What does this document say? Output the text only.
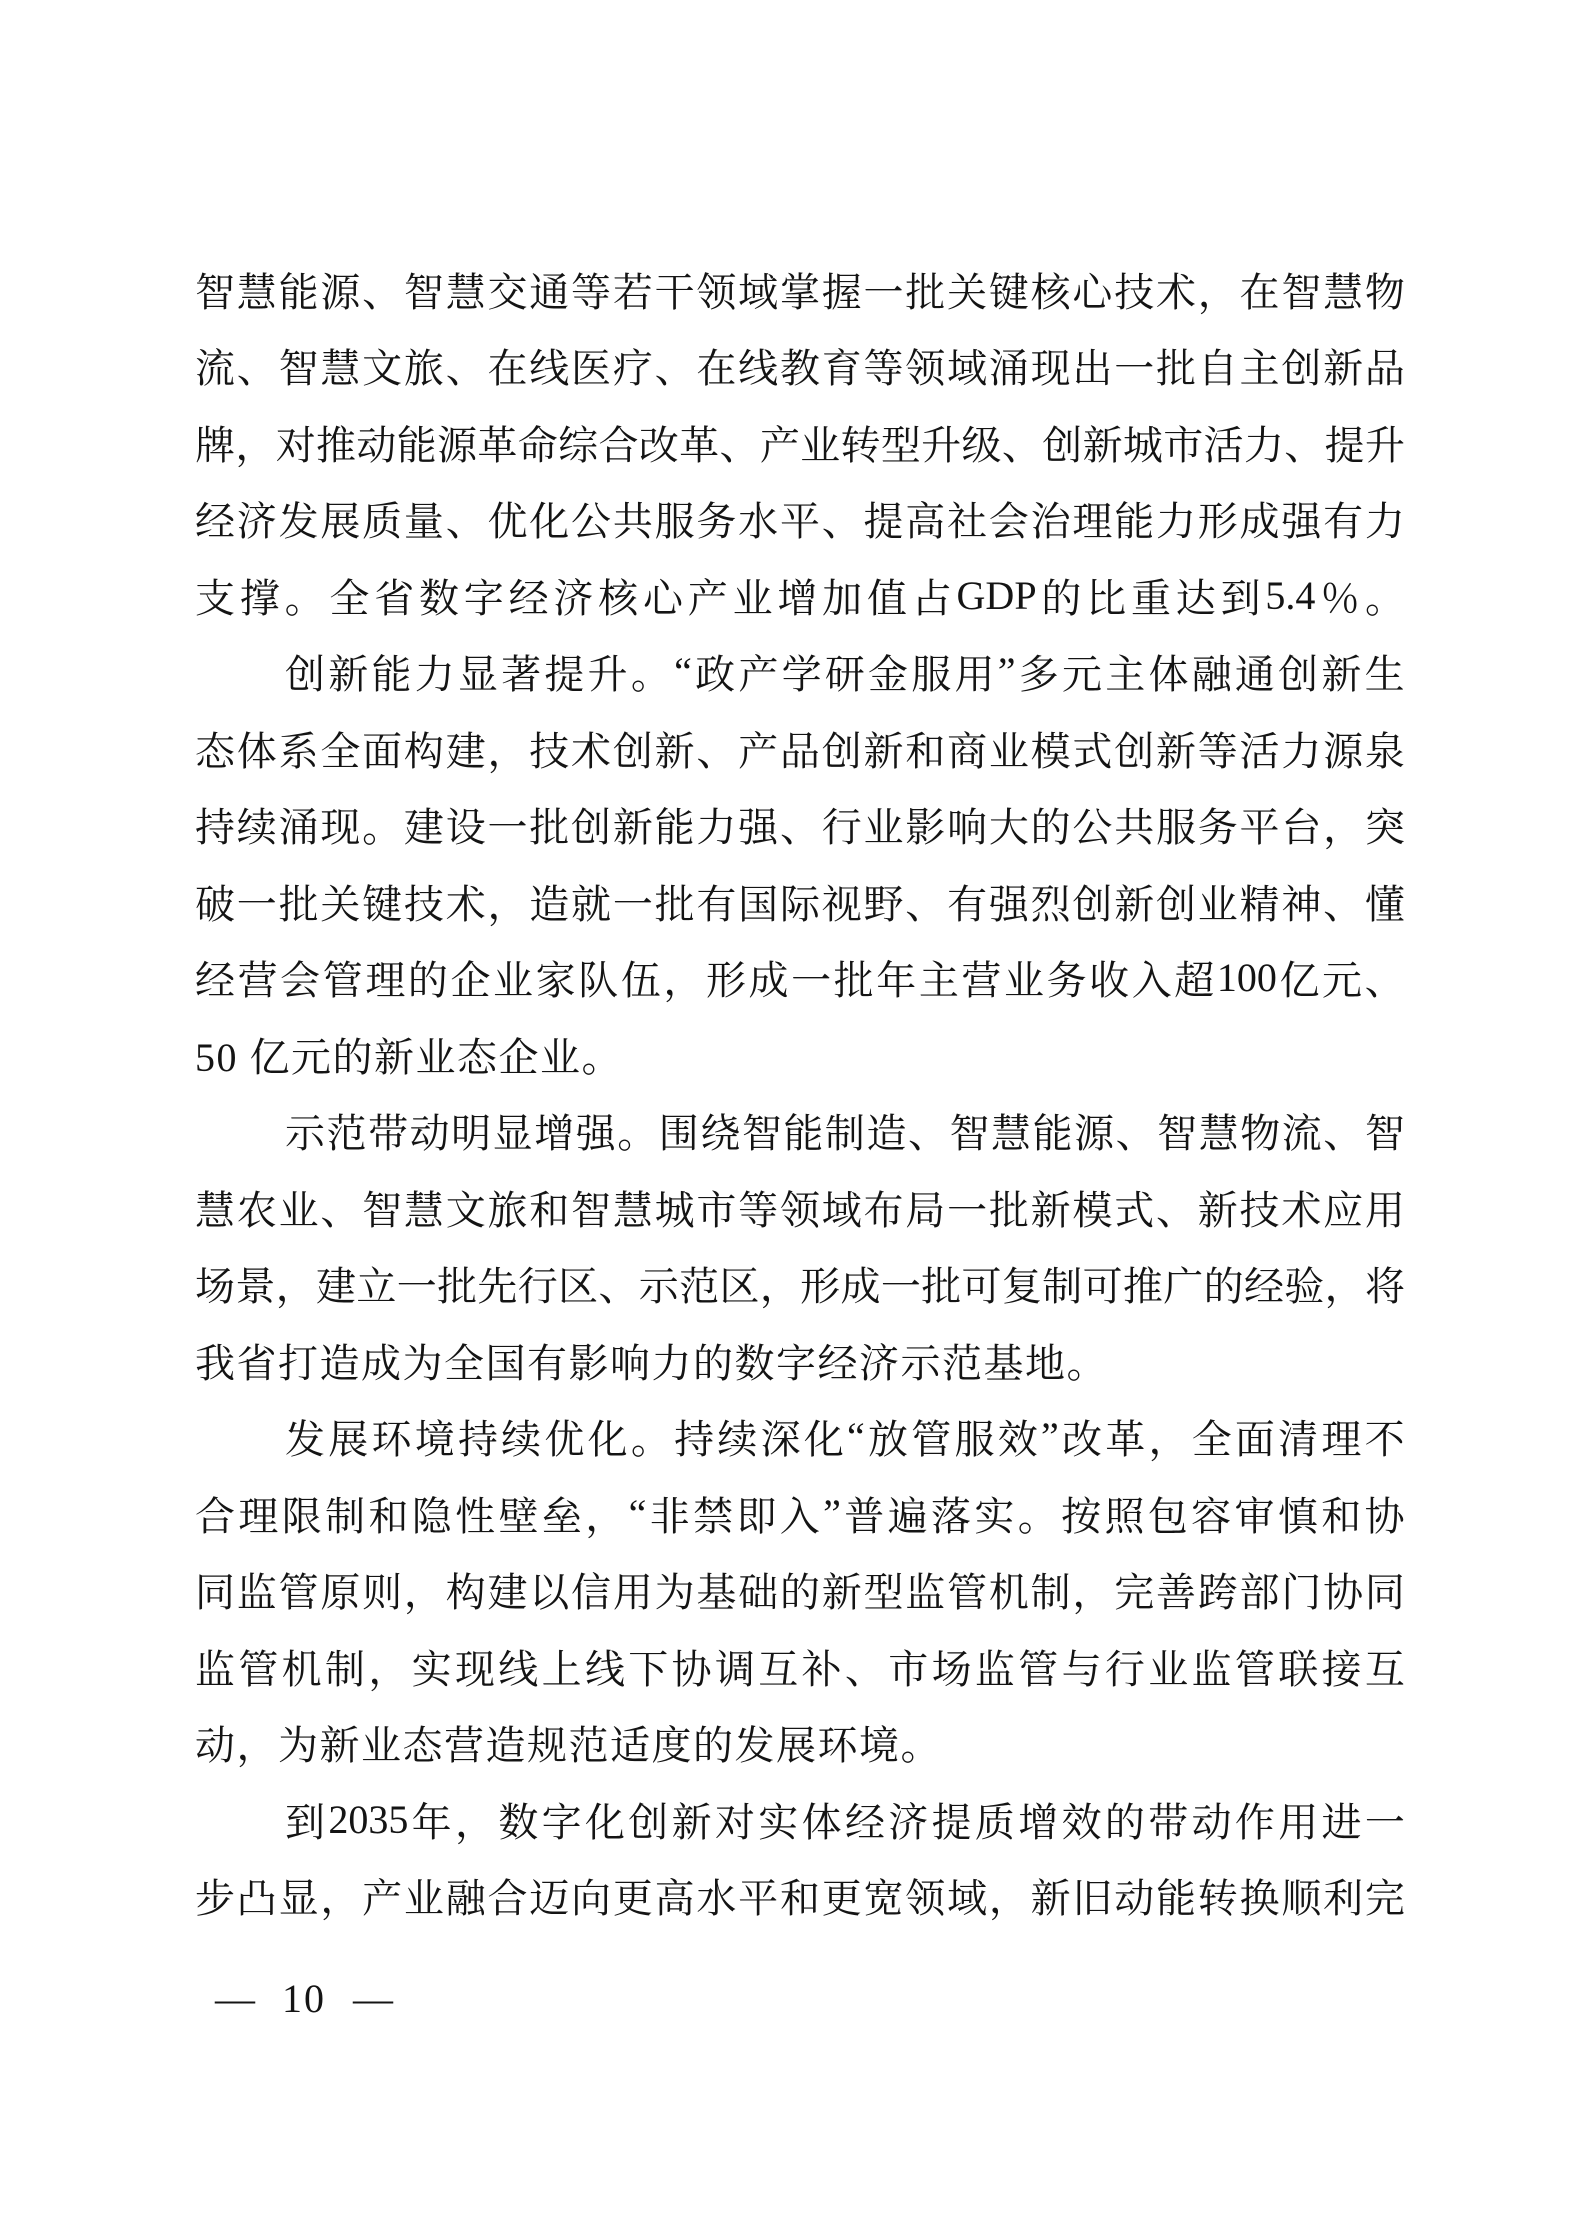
智 慧 能 源 、 智 慧 交 通 等 若 干 领 域 掌 握 一 批 关 键 核 心 技 术 ， 在 智 慧 物
流 、 智 慧 文 旅 、 在 线 医 疗 、 在 线 教 育 等 领 域 涌 现 出 一 批 自 主 创 新 品
牌 ， 对 推 动 能 源 革 命 综 合 改 革 、 产 业 转 型 升 级 、 创 新 城 市 活 力 、 提 升
经 济 发 展 质 量 、 优 化 公 共 服 务 水 平 、 提 高 社 会 治 理 能 力 形 成 强 有 力
支 撑 。 全 省 数 字 经 济 核 心 产 业 增 加 值 占 GDP 的 比 重 达 到 5.4 ％ 。
创 新 能 力 显 著 提 升 。 “ 政 产 学 研 金 服 用 ” 多 元 主 体 融 通 创 新 生
态 体 系 全 面 构 建 ， 技 术 创 新 、 产 品 创 新 和 商 业 模 式 创 新 等 活 力 源 泉
持 续 涌 现 。 建 设 一 批 创 新 能 力 强 、 行 业 影 响 大 的 公 共 服 务 平 台 ， 突
破 一 批 关 键 技 术 ， 造 就 一 批 有 国 际 视 野 、 有 强 烈 创 新 创 业 精 神 、 懂
经 营 会 管 理 的 企 业 家 队 伍 ， 形 成 一 批 年 主 营 业 务 收 入 超 100 亿 元 、
50 亿元的新业态企业。
示 范 带 动 明 显 增 强 。 围 绕 智 能 制 造 、 智 慧 能 源 、 智 慧 物 流 、 智
慧 农 业 、 智 慧 文 旅 和 智 慧 城 市 等 领 域 布 局 一 批 新 模 式 、 新 技 术 应 用
场 景 ， 建 立 一 批 先 行 区 、 示 范 区 ， 形 成 一 批 可 复 制 可 推 广 的 经 验 ， 将
我省打造成为全国有影响力的数字经济示范基地。
发 展 环 境 持 续 优 化 。 持 续 深 化 “ 放 管 服 效 ” 改 革 ， 全 面 清 理 不
合 理 限 制 和 隐 性 壁 垒 ， “ 非 禁 即 入 ” 普 遍 落 实 。 按 照 包 容 审 慎 和 协
同 监 管 原 则 ， 构 建 以 信 用 为 基 础 的 新 型 监 管 机 制 ， 完 善 跨 部 门 协 同
监 管 机 制 ， 实 现 线 上 线 下 协 调 互 补 、 市 场 监 管 与 行 业 监 管 联 接 互
动，为新业态营造规范适度的发展环境。
到 2035 年 ， 数 字 化 创 新 对 实 体 经 济 提 质 增 效 的 带 动 作 用 进 一
步 凸 显 ， 产 业 融 合 迈 向 更 高 水 平 和 更 宽 领 域 ， 新 旧 动 能 转 换 顺 利 完
— 10 —
